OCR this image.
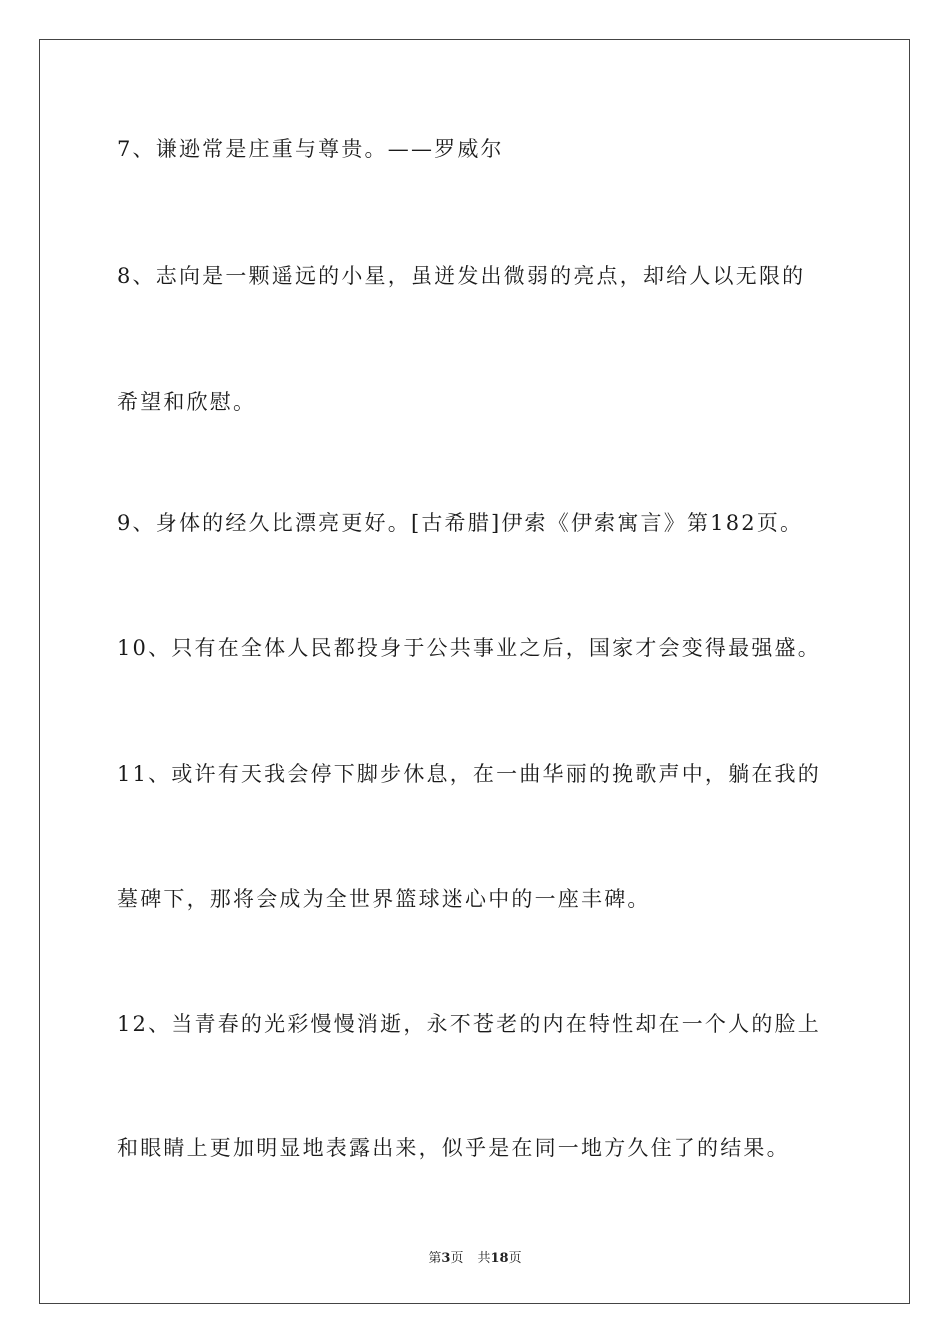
7、谦逊常是庄重与尊贵。——罗威尔
8、志向是一颗遥远的小星，虽迸发出微弱的亮点，却给人以无限的
希望和欣慰。
9、身体的经久比漂亮更好。[古希腊]伊索《伊索寓言》第182页。
10、只有在全体人民都投身于公共事业之后，国家才会变得最强盛。
11、或许有天我会停下脚步休息，在一曲华丽的挽歌声中，躺在我的
墓碑下，那将会成为全世界篮球迷心中的一座丰碑。
12、当青春的光彩慢慢消逝，永不苍老的内在特性却在一个人的脸上
和眼睛上更加明显地表露出来，似乎是在同一地方久住了的结果。
第3页 共18页
